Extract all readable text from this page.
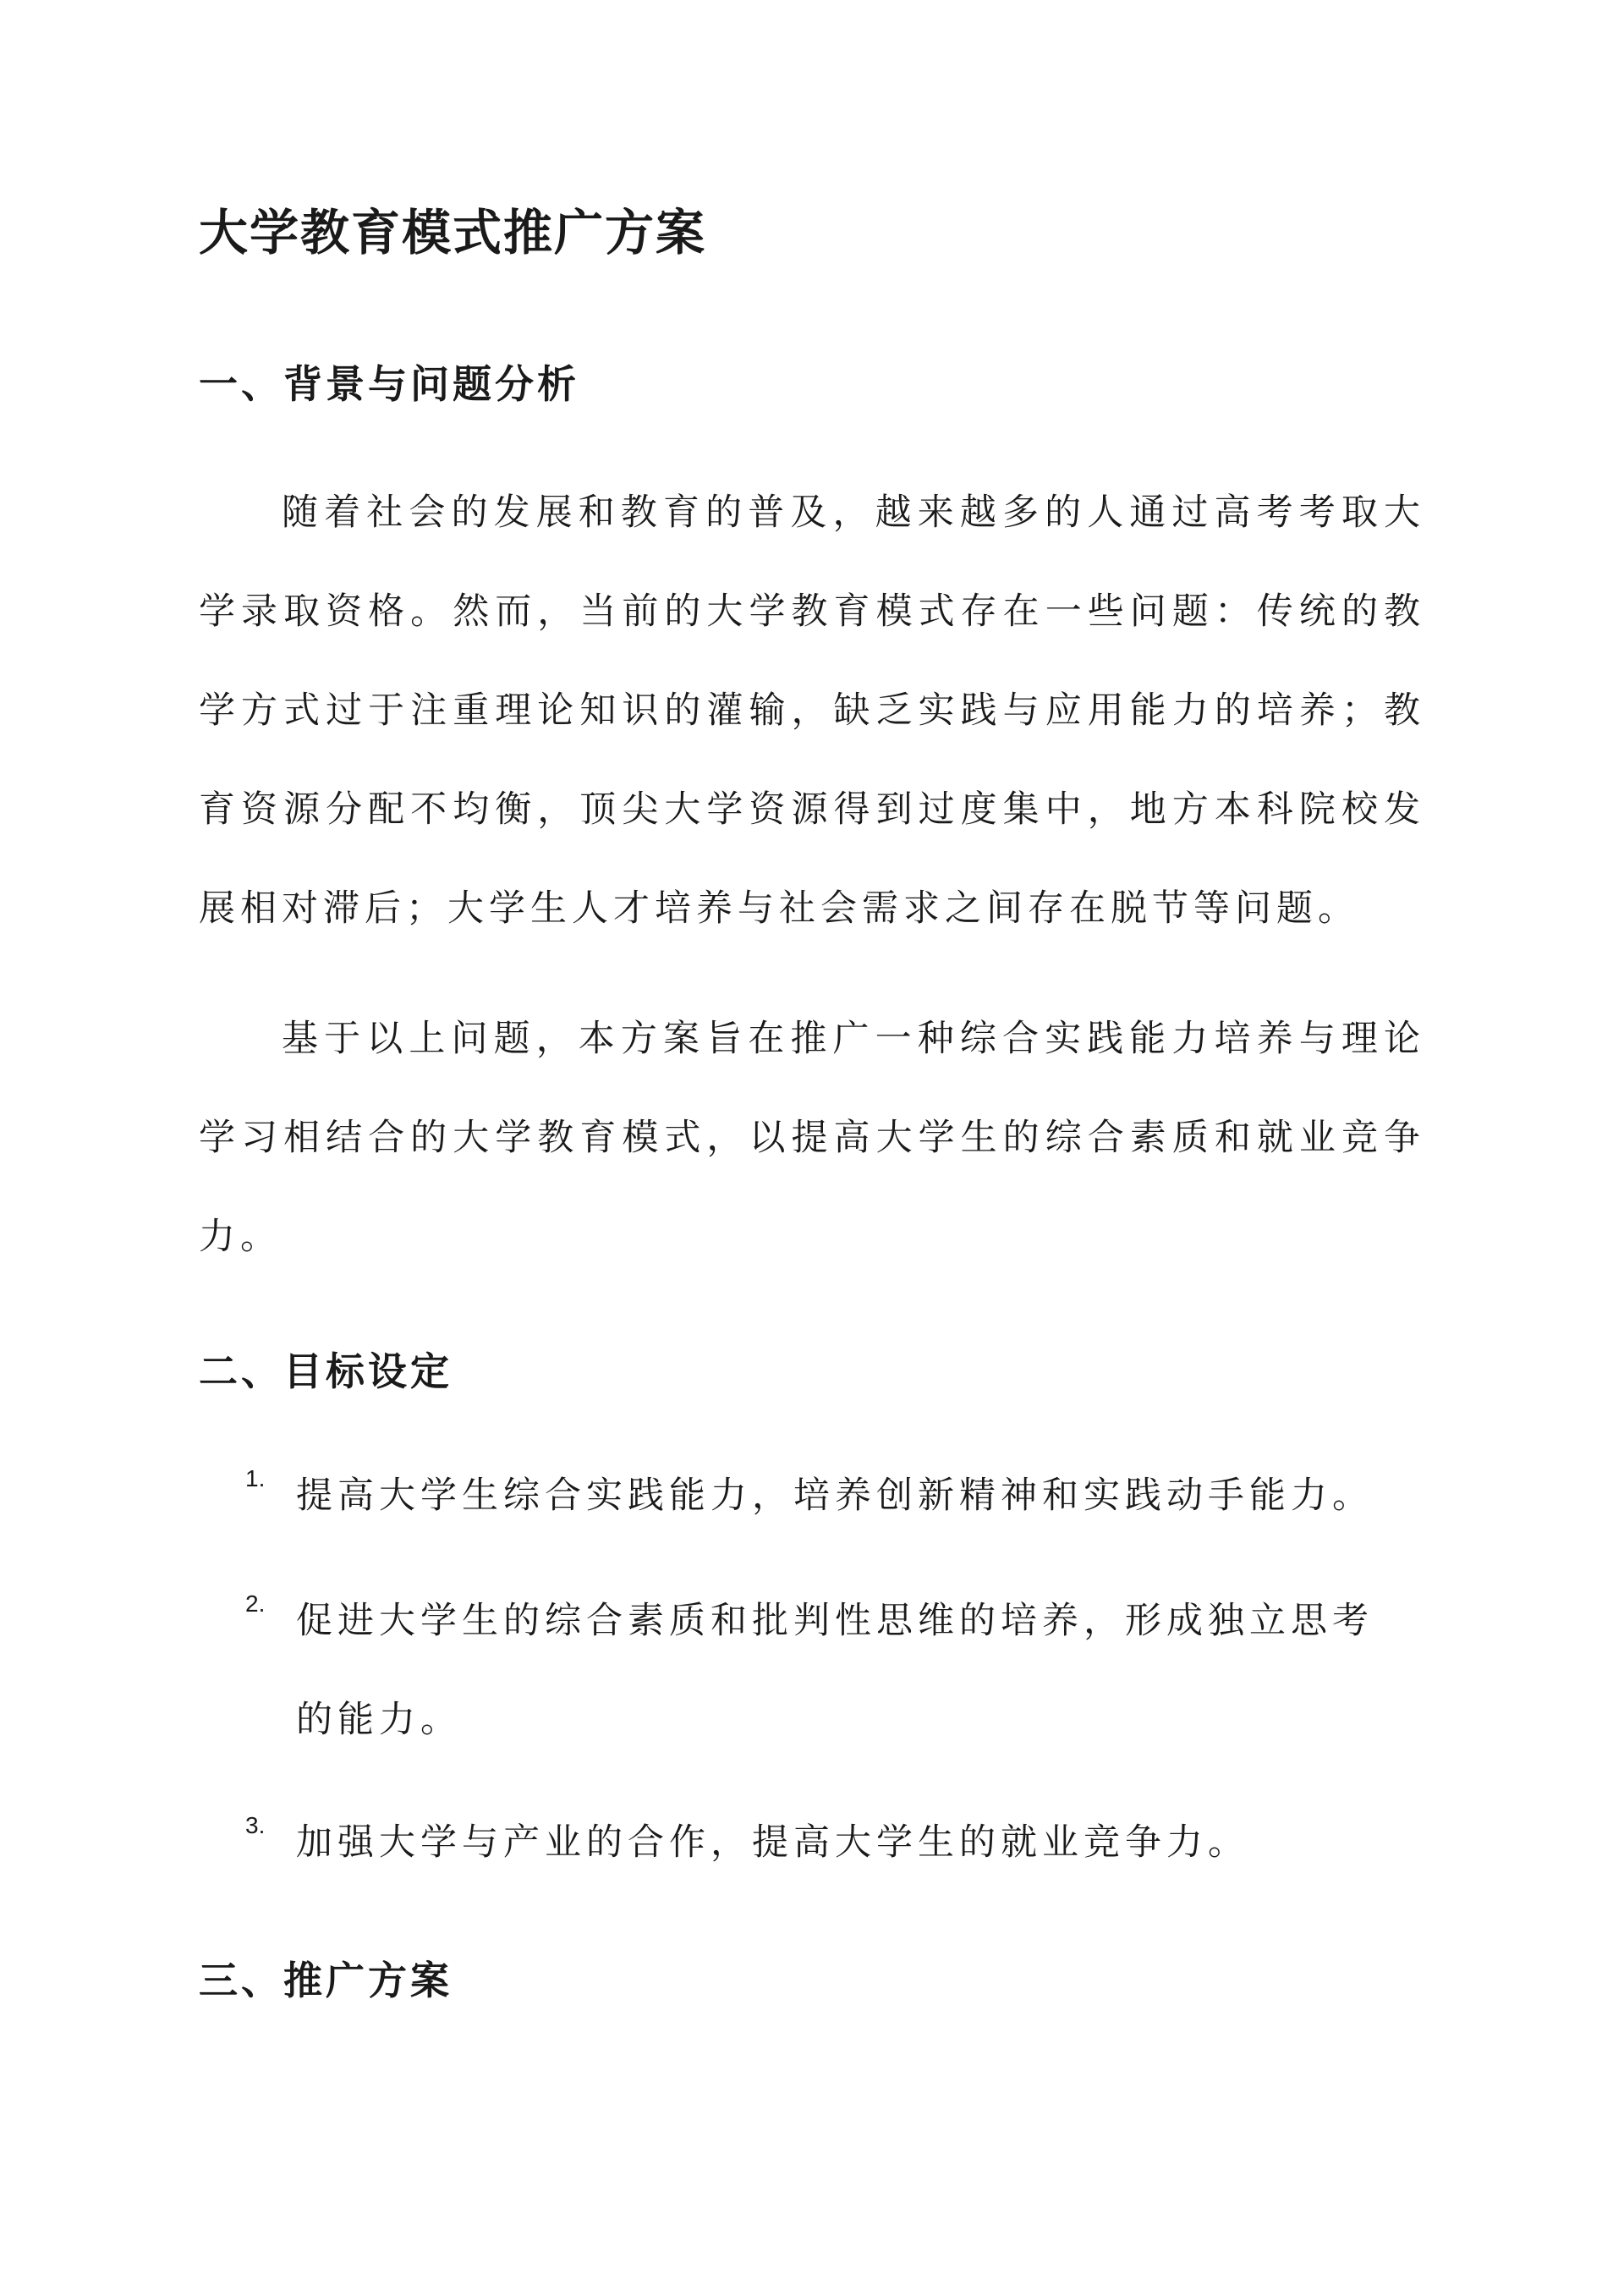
大学教育模式推广方案
一、背景与问题分析

随着社会的发展和教育的普及，越来越多的人通过高考考取大学录取资格。然而，当前的大学教育模式存在一些问题：传统的教学方式过于注重理论知识的灌输，缺乏实践与应用能力的培养；教育资源分配不均衡，顶尖大学资源得到过度集中，地方本科院校发展相对滞后；大学生人才培养与社会需求之间存在脱节等问题。

基于以上问题，本方案旨在推广一种综合实践能力培养与理论学习相结合的大学教育模式，以提高大学生的综合素质和就业竞争力。

二、目标设定
1. 提高大学生综合实践能力，培养创新精神和实践动手能力。
2. 促进大学生的综合素质和批判性思维的培养，形成独立思考的能力。
3. 加强大学与产业的合作，提高大学生的就业竞争力。
三、推广方案
